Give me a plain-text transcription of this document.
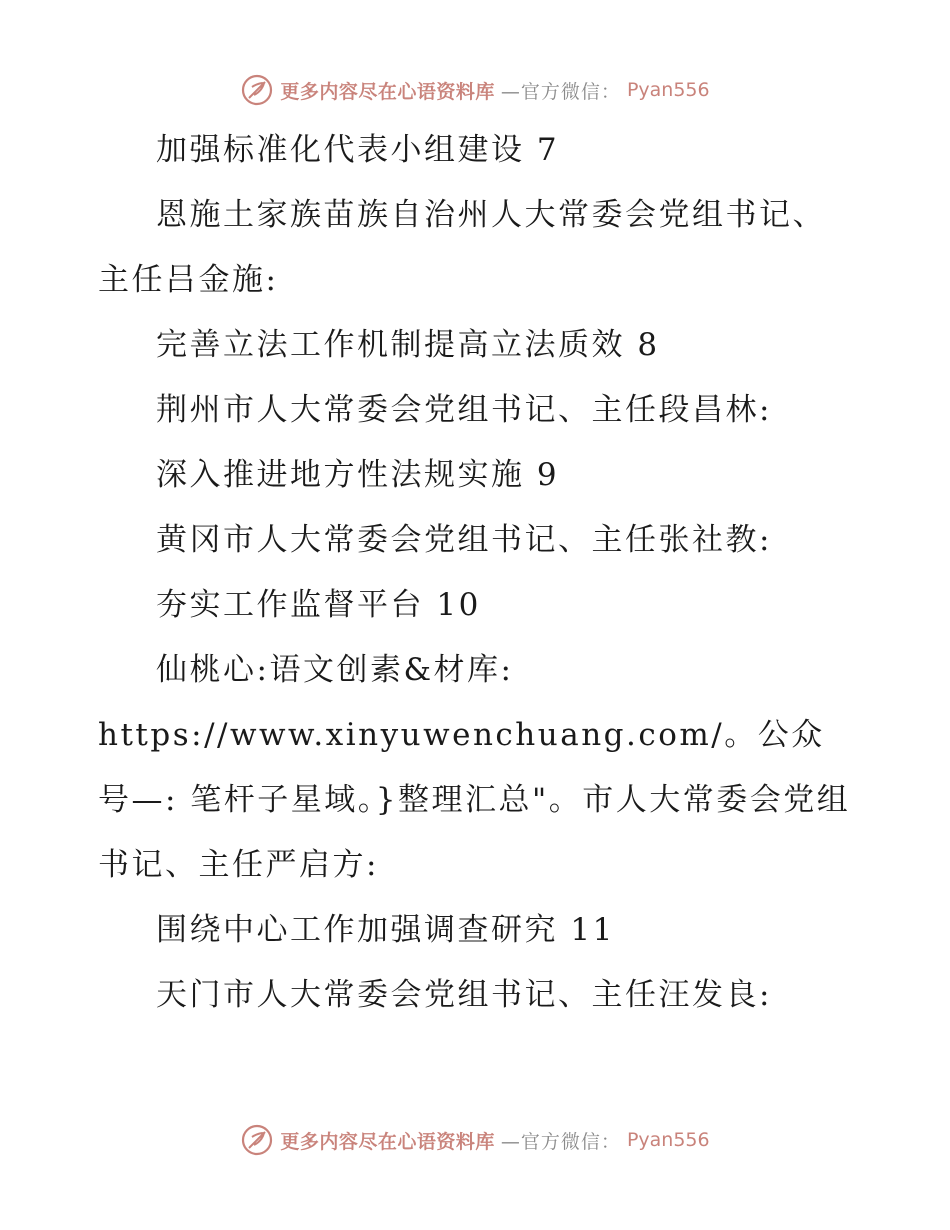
更多内容尽在心语资料库 —官方微信： Pyan556

加强标准化代表小组建设 7

恩施土家族苗族自治州人大常委会党组书记、主任吕金施:

完善立法工作机制提高立法质效 8

荆州市人大常委会党组书记、主任段昌林:

深入推进地方性法规实施 9

黄冈市人大常委会党组书记、主任张社教:

夯实工作监督平台 10

仙桃心:语文创素&材库: https://www.xinyuwenchuang.com/。公众号—: 笔杆子星域。}整理汇总"。市人大常委会党组书记、主任严启方:

围绕中心工作加强调查研究 11

天门市人大常委会党组书记、主任汪发良:

更多内容尽在心语资料库 —官方微信： Pyan556
